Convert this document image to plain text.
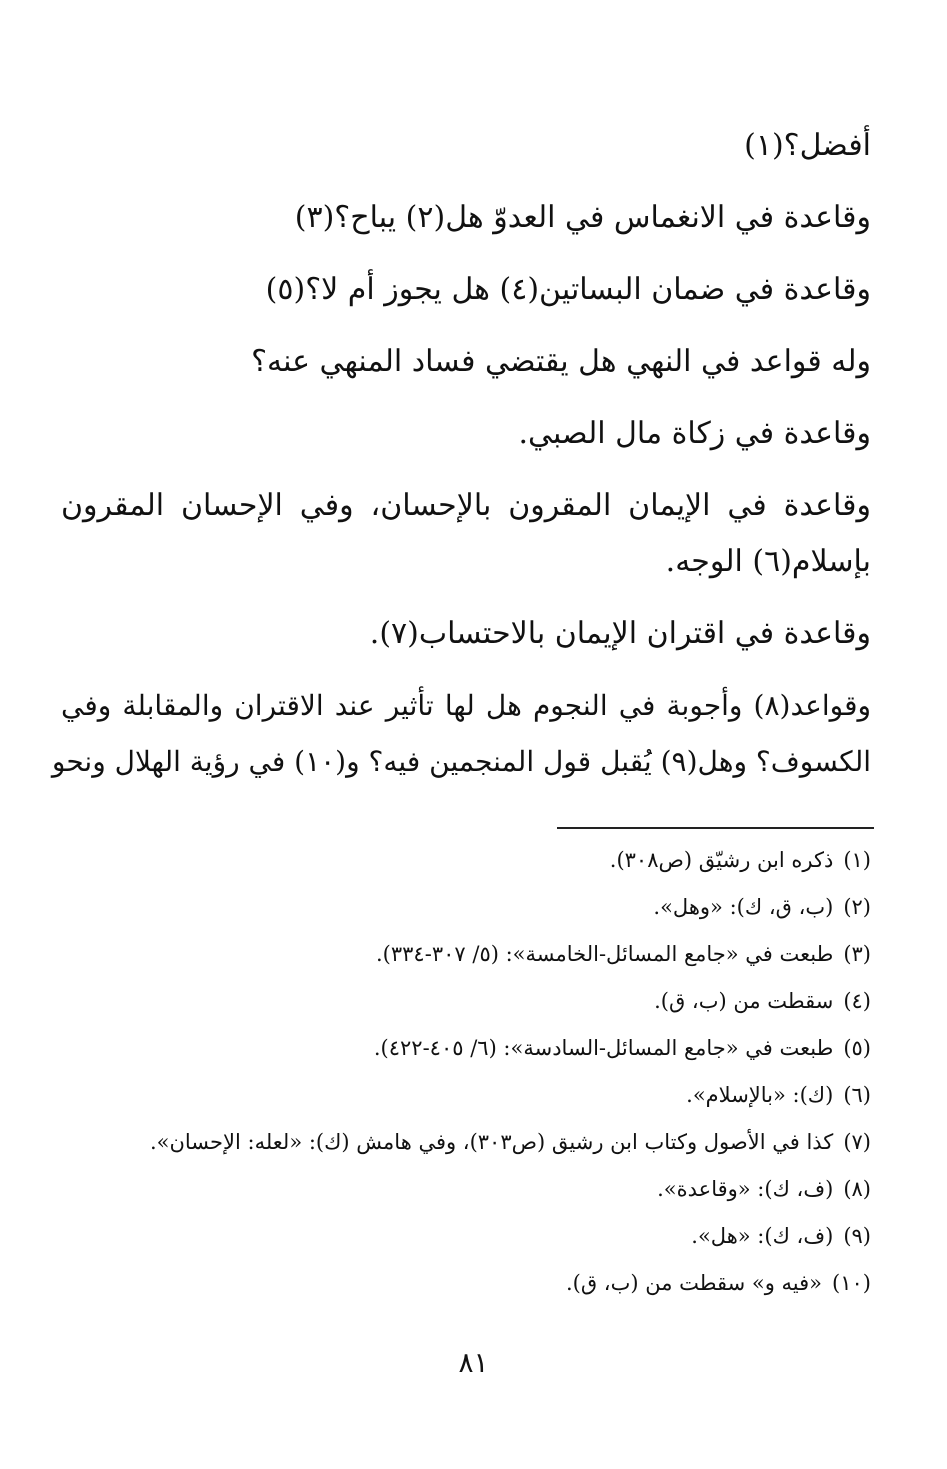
أفضل؟(١)
وقاعدة في الانغماس في العدوّ هل(٢) يباح؟(٣)
وقاعدة في ضمان البساتين(٤) هل يجوز أم لا؟(٥)
وله قواعد في النهي هل يقتضي فساد المنهي عنه؟
وقاعدة في زكاة مال الصبي.
وقاعدة في الإيمان المقرون بالإحسان، وفي الإحسان المقرون
بإسلام(٦) الوجه.
وقاعدة في اقتران الإيمان بالاحتساب(٧).
وقواعد(٨) وأجوبة في النجوم هل لها تأثير عند الاقتران والمقابلة وفي
الكسوف؟ وهل(٩) يُقبل قول المنجمين فيه؟ و(١٠) في رؤية الهلال ونحو
(١)ذكره ابن رشيّق (ص٣٠٨).
(٢)(ب، ق، ك): «وهل».
(٣)طبعت في «جامع المسائل-الخامسة»: (٥/ ٣٠٧-٣٣٤).
(٤)سقطت من (ب، ق).
(٥)طبعت في «جامع المسائل-السادسة»: (٦/ ٤٠٥-٤٢٢).
(٦)(ك): «بالإسلام».
(٧)كذا في الأصول وكتاب ابن رشيق (ص٣٠٣)، وفي هامش (ك): «لعله: الإحسان».
(٨)(ف، ك): «وقاعدة».
(٩)(ف، ك): «هل».
(١٠)«فيه و» سقطت من (ب، ق).
٨١
